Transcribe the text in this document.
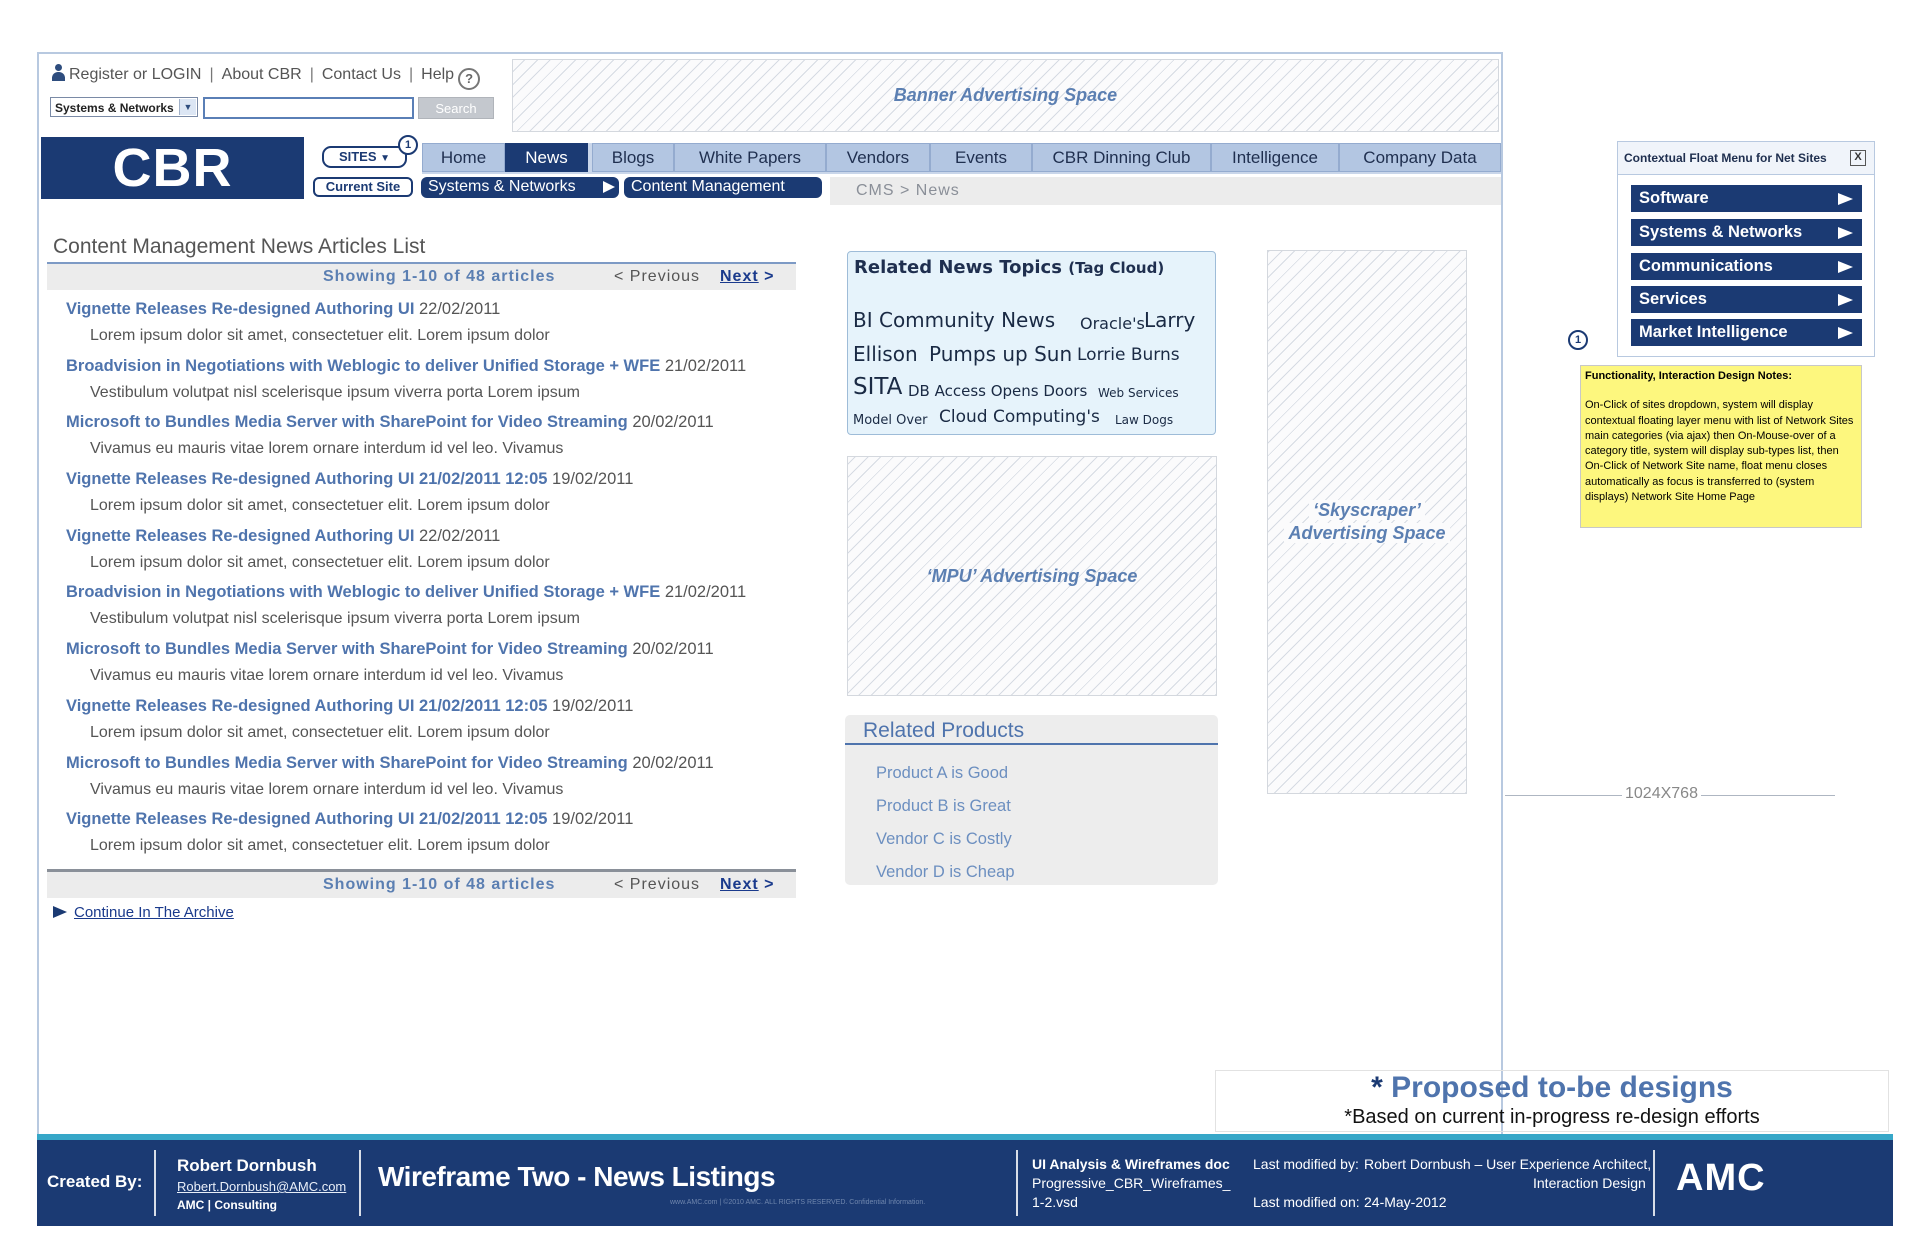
Register or LOGIN | About CBR | Contact Us | Help ?
Systems & Networks	▼	Search
Banner Advertising Space
CBR	SITES ▼
1
Home	News	Blogs	White Papers	Vendors	Events	CBR Dinning Club	Intelligence	Company Data
Current Site	Systems & Networks	Content Management	CMS > News
Content Management News Articles List
Showing 1-10 of 48 articles	< Previous Next >
Vignette Releases Re-designed Authoring UI 22/02/2011
Lorem ipsum dolor sit amet, consectetuer elit. Lorem ipsum dolor
Broadvision in Negotiations with Weblogic to deliver Unified Storage + WFE 21/02/2011
Vestibulum volutpat nisl scelerisque ipsum viverra porta Lorem ipsum
Microsoft to Bundles Media Server with SharePoint for Video Streaming 20/02/2011
Vivamus eu mauris vitae lorem ornare interdum id vel leo. Vivamus
Vignette Releases Re-designed Authoring UI 21/02/2011 12:05 19/02/2011
Lorem ipsum dolor sit amet, consectetuer elit. Lorem ipsum dolor
Vignette Releases Re-designed Authoring UI 22/02/2011
Lorem ipsum dolor sit amet, consectetuer elit. Lorem ipsum dolor
Broadvision in Negotiations with Weblogic to deliver Unified Storage + WFE 21/02/2011
Vestibulum volutpat nisl scelerisque ipsum viverra porta Lorem ipsum
Microsoft to Bundles Media Server with SharePoint for Video Streaming 20/02/2011
Vivamus eu mauris vitae lorem ornare interdum id vel leo. Vivamus
Vignette Releases Re-designed Authoring UI 21/02/2011 12:05 19/02/2011
Lorem ipsum dolor sit amet, consectetuer elit. Lorem ipsum dolor
Microsoft to Bundles Media Server with SharePoint for Video Streaming 20/02/2011
Vivamus eu mauris vitae lorem ornare interdum id vel leo. Vivamus
Vignette Releases Re-designed Authoring UI 21/02/2011 12:05 19/02/2011
Lorem ipsum dolor sit amet, consectetuer elit. Lorem ipsum dolor
Showing 1-10 of 48 articles	< Previous Next >
Continue In The Archive
Related News Topics (Tag Cloud)
BI Community News Oracle's Larry
Ellison Pumps up Sun Lorrie Burns
SITA DB Access Opens Doors Web Services
Model Over Cloud Computing's Law Dogs
‘MPU’ Advertising Space
‘Skyscraper’
Advertising Space
Related Products
Product A is Good
Product B is Great
Vendor C is Costly
Vendor D is Cheap
Contextual Float Menu for Net Sites	X
Software
Systems & Networks
Communications
Services
Market Intelligence
1
Functionality, Interaction Design Notes:
On-Click of sites dropdown, system will display contextual floating layer menu with list of Network Sites main categories (via ajax) then On-Mouse-over of a category title, system will display sub-types list, then On-Click of Network Site name, float menu closes automatically as focus is transferred to (system displays) Network Site Home Page
1024X768
* Proposed to-be designs
*Based on current in-progress re-design efforts
Created By:
Robert Dornbush
Robert.Dornbush@AMC.com
AMC | Consulting
Wireframe Two - News Listings
www.AMC.com | ©2010 AMC. ALL RIGHTS RESERVED. Confidential Information.
UI Analysis & Wireframes doc
Progressive_CBR_Wireframes_
1-2.vsd
Last modified by: Robert Dornbush – User Experience Architect,
Interaction Design
Last modified on: 24-May-2012
AMC
